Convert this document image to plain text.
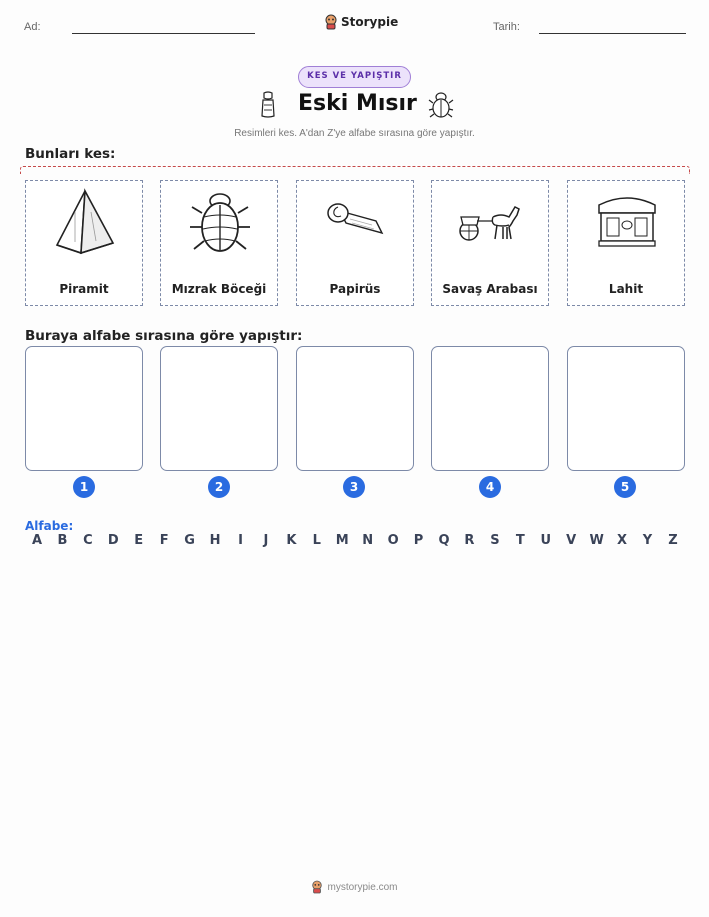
Ad:	Storypie	Tarih:
KES VE YAPIŞTIR
Eski Mısır
Resimleri kes. A'dan Z'ye alfabe sırasına göre yapıştır.
Bunları kes:
Piramit	Mızrak Böceği	Papirüs	Savaş Arabası	Lahit
Buraya alfabe sırasına göre yapıştır:
1	2	3	4	5
Alfabe:
A	B	C	D	E	F	G	H	I	J	K	L	M	N	O	P	Q	R	S	T	U	V	W	X	Y	Z
mystorypie.com
